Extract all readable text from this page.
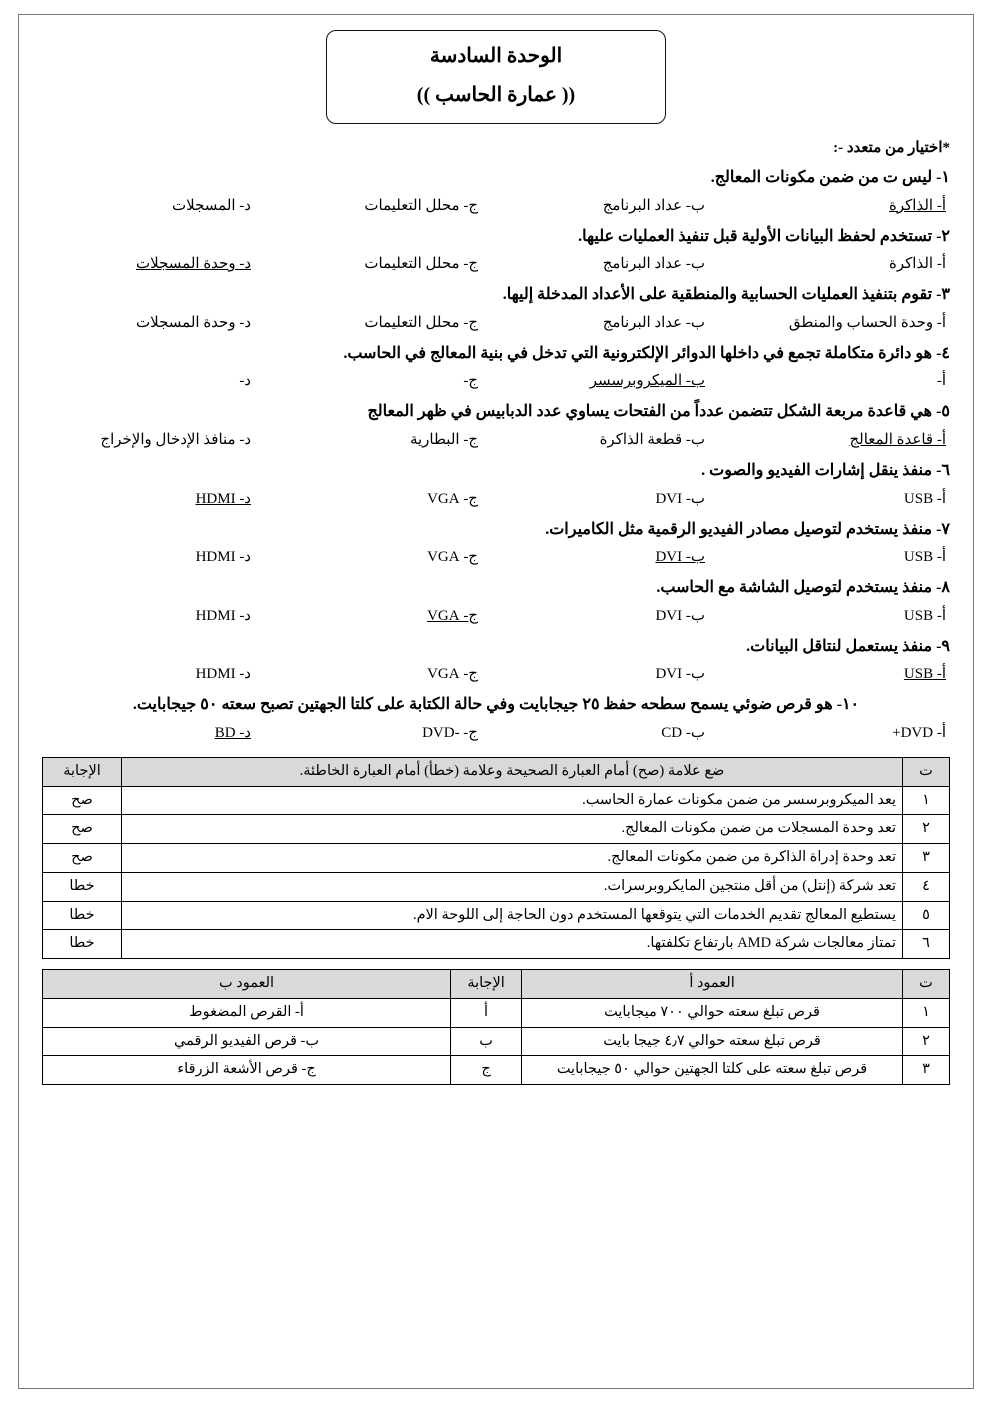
الوحدة السادسة
(( عمارة الحاسب ))
*اختيار من متعدد -:
١- ليس ت من ضمن مكونات المعالج.
أ- الذاكرة
ب- عداد البرنامج
ج- محلل التعليمات
د- المسجلات
٢- تستخدم لحفظ البيانات الأولية قبل تنفيذ العمليات عليها.
أ- الذاكرة
ب- عداد البرنامج
ج- محلل التعليمات
د- وحدة المسجلات
٣- تقوم بتنفيذ العمليات الحسابية والمنطقية على الأعداد المدخلة إليها.
أ- وحدة الحساب والمنطق
ب- عداد البرنامج
ج- محلل التعليمات
د- وحدة المسجلات
٤- هو دائرة متكاملة تجمع في داخلها الدوائر الإلكترونية التي تدخل في بنية المعالج في الحاسب.
أ-
ب- الميكروبرسسر
ج-
د-
٥- هي قاعدة مربعة الشكل تتضمن عدداً من الفتحات يساوي عدد الدبابيس في ظهر المعالج
أ- قاعدة المعالج
ب- قطعة الذاكرة
ج- البطارية
د- منافذ الإدخال والإخراج
٦- منفذ ينقل إشارات الفيديو والصوت .
أ- USB
ب- DVI
ج- VGA
د- HDMI
٧- منفذ يستخدم لتوصيل مصادر الفيديو الرقمية مثل الكاميرات.
أ- USB
ب- DVI
ج- VGA
د- HDMI
٨- منفذ يستخدم لتوصيل الشاشة مع الحاسب.
أ- USB
ب- DVI
ج- VGA
د- HDMI
٩- منفذ يستعمل لنتاقل البيانات.
أ- USB
ب- DVI
ج- VGA
د- HDMI
١٠- هو قرص ضوئي يسمح سطحه حفظ ٢٥ جيجابايت وفي حالة الكتابة على كلتا الجهتين تصبح سعته ٥٠ جيجابايت.
أ- DVD+
ب- CD
ج- -DVD
د- BD
ت	ضع علامة (صح) أمام العبارة الصحيحة وعلامة (خطأ) أمام العبارة الخاطئة.	الإجابة
١	يعد الميكروبرسسر من ضمن مكونات عمارة الحاسب.	صح
٢	تعد وحدة المسجلات من ضمن مكونات المعالج.	صح
٣	تعد وحدة إدراة الذاكرة من ضمن مكونات المعالج.	صح
٤	تعد شركة (إنتل) من أقل منتجين المايكروبرسرات.	خطا
٥	يستطيع المعالج تقديم الخدمات التي يتوقعها المستخدم دون الحاجة إلى اللوحة الام.	خطا
٦	تمتاز معالجات شركة AMD بارتفاع تكلفتها.	خطا
ت	العمود أ	الإجابة	العمود ب
١	قرص تبلغ سعته حوالي ٧٠٠ ميجابايت	أ	أ- القرص المضغوط
٢	قرص تبلغ سعته حوالي ٤٫٧ جيجا بايت	ب	ب- قرص الفيديو الرقمي
٣	قرص تبلغ سعته على كلتا الجهتين حوالي ٥٠ جيجابايت	ج	ج- قرص الأشعة الزرقاء
